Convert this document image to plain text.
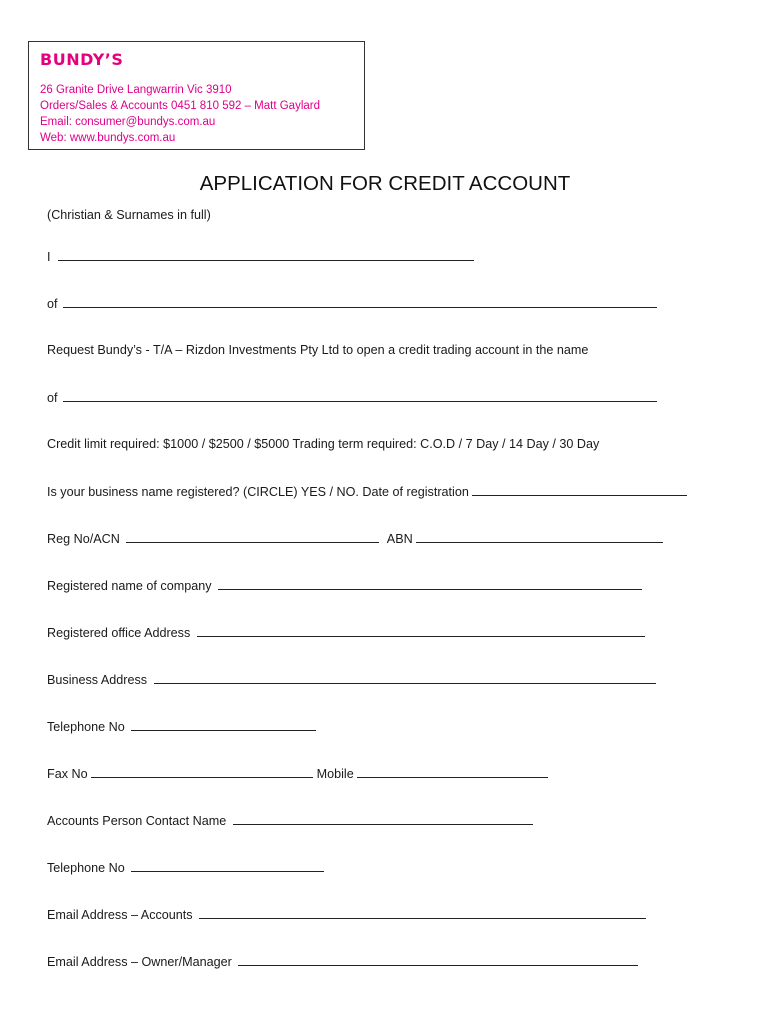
BUNDY’S
26 Granite Drive Langwarrin Vic 3910
Orders/Sales & Accounts 0451 810 592 – Matt Gaylard
Email: consumer@bundys.com.au
Web: www.bundys.com.au
APPLICATION FOR CREDIT ACCOUNT
(Christian & Surnames in full)
I
of
Request Bundy’s - T/A – Rizdon Investments Pty Ltd to open a credit trading account in the name
of
Credit limit required: $1000 / $2500 / $5000 Trading term required: C.O.D / 7 Day / 14 Day / 30 Day
Is your business name registered? (CIRCLE) YES / NO. Date of registration
Reg No/ACN	ABN
Registered name of company
Registered office Address
Business Address
Telephone No
Fax No	Mobile
Accounts Person Contact Name
Telephone No
Email Address – Accounts
Email Address – Owner/Manager
